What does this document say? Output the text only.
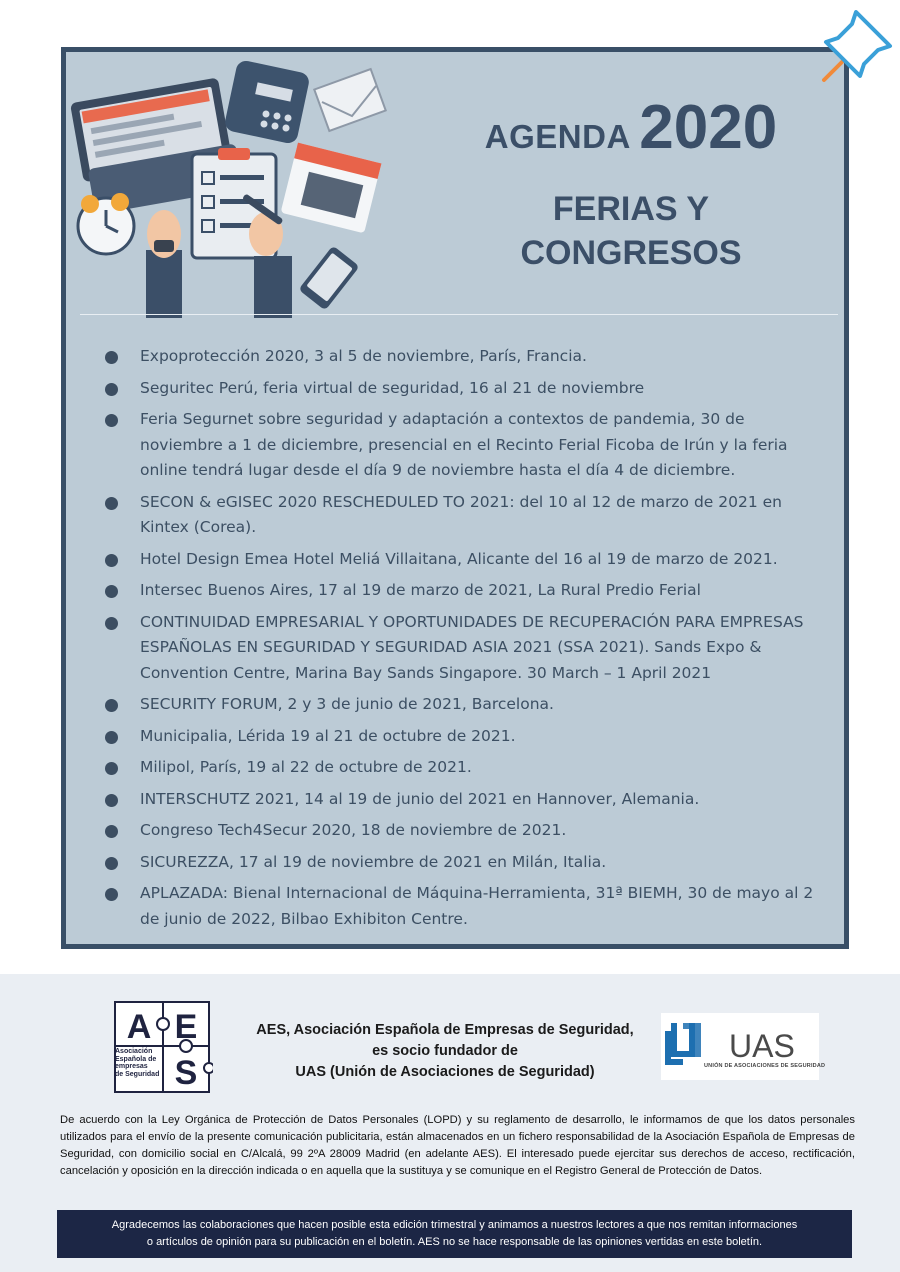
AGENDA 2020
FERIAS Y
CONGRESOS
Expoprotección 2020, 3 al 5 de noviembre, París, Francia.
Seguritec Perú, feria virtual de seguridad, 16 al 21 de noviembre
Feria Segurnet sobre seguridad y adaptación a contextos de pandemia, 30 de noviembre a 1 de diciembre, presencial en el Recinto Ferial Ficoba de Irún y la feria online tendrá lugar desde el día 9 de noviembre hasta el día 4 de diciembre.
SECON & eGISEC 2020 RESCHEDULED TO 2021: del 10 al 12 de marzo de 2021 en Kintex (Corea).
Hotel Design Emea Hotel Meliá Villaitana, Alicante del 16 al 19 de marzo de 2021.
Intersec Buenos Aires, 17 al 19 de marzo de 2021, La Rural Predio Ferial
CONTINUIDAD EMPRESARIAL Y OPORTUNIDADES DE RECUPERACIÓN PARA EMPRESAS ESPAÑOLAS EN SEGURIDAD Y SEGURIDAD ASIA 2021 (SSA 2021). Sands Expo & Convention Centre, Marina Bay Sands Singapore. 30 March – 1 April 2021
SECURITY FORUM, 2 y 3 de junio de 2021, Barcelona.
Municipalia, Lérida 19 al 21 de octubre de 2021.
Milipol, París, 19 al 22 de octubre de 2021.
INTERSCHUTZ 2021, 14 al 19 de junio del 2021 en Hannover, Alemania.
Congreso Tech4Secur 2020, 18 de noviembre de 2021.
SICUREZZA, 17 al 19 de noviembre de 2021 en Milán, Italia.
APLAZADA: Bienal Internacional de Máquina-Herramienta, 31ª BIEMH, 30 de mayo al 2 de junio de 2022, Bilbao Exhibiton Centre.
A E
S
Asociación
Española de
empresas
de Seguridad
AES, Asociación Española de Empresas de Seguridad,
es socio fundador de
UAS (Unión de Asociaciones de Seguridad)
UAS
UNIÓN DE ASOCIACIONES DE SEGURIDAD
De acuerdo con la Ley Orgánica de Protección de Datos Personales (LOPD) y su reglamento de desarrollo, le informamos de que los datos personales utilizados para el envío de la presente comunicación publicitaria, están almacenados en un fichero responsabilidad de la Asociación Española de Empresas de Seguridad, con domicilio social en C/Alcalá, 99 2ºA 28009 Madrid (en adelante AES). El interesado puede ejercitar sus derechos de acceso, rectificación, cancelación y oposición en la dirección indicada o en aquella que la sustituya y se comunique en el Registro General de Protección de Datos.
Agradecemos las colaboraciones que hacen posible esta edición trimestral y animamos a nuestros lectores a que nos remitan informaciones
o artículos de opinión para su publicación en el boletín. AES no se hace responsable de las opiniones vertidas en este boletín.
